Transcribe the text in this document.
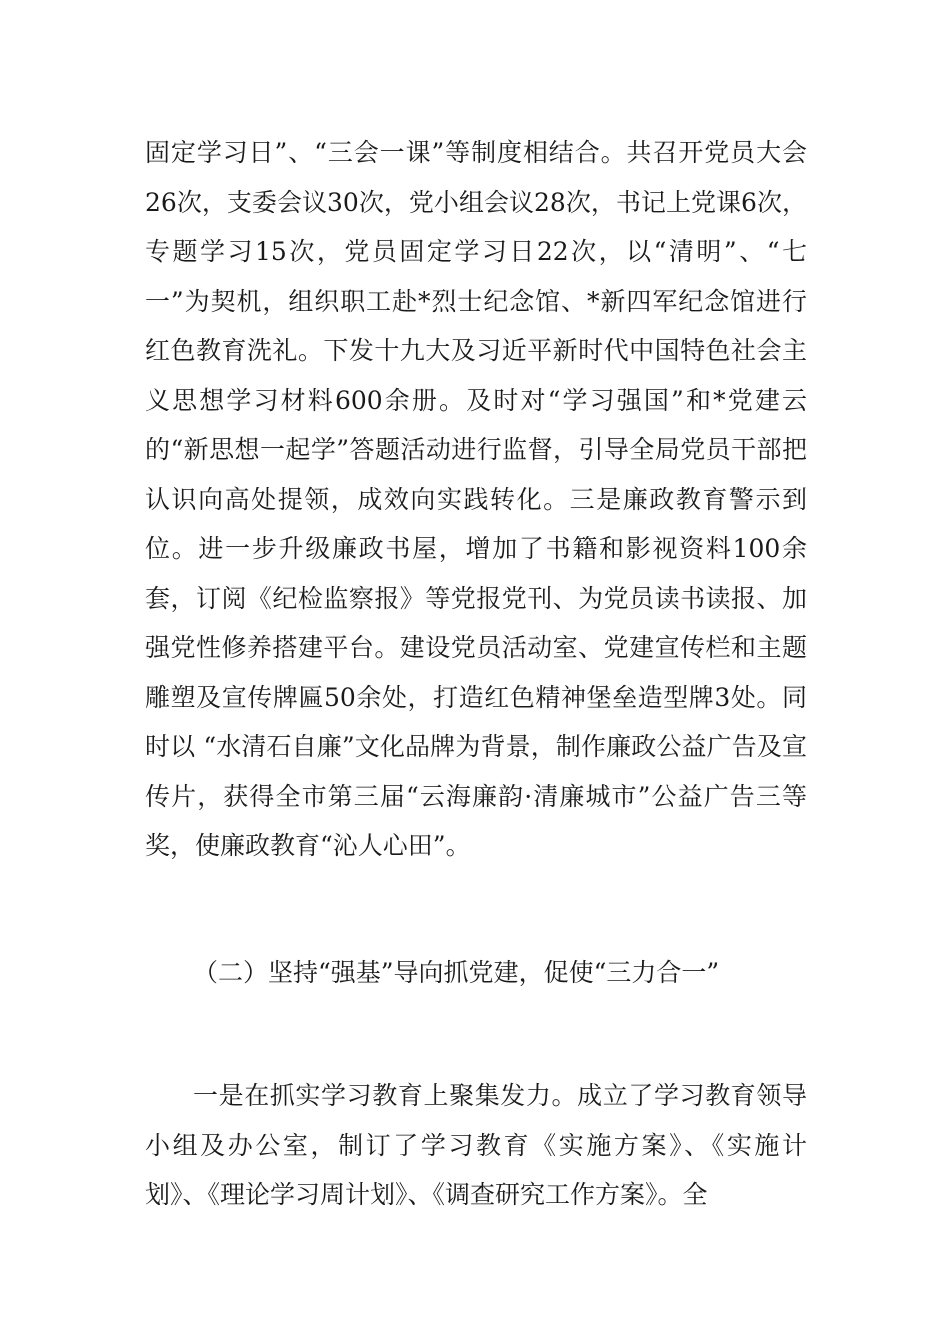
固定学习日”、“三会一课”等制度相结合。共召开党员大会26次，支委会议30次，党小组会议28次，书记上党课6次，专题学习15次，党员固定学习日22次，以“清明”、“七一”为契机，组织职工赴*烈士纪念馆、*新四军纪念馆进行红色教育洗礼。下发十九大及习近平新时代中国特色社会主义思想学习材料600余册。及时对“学习强国”和*党建云的“新思想一起学”答题活动进行监督，引导全局党员干部把认识向高处提领，成效向实践转化。三是廉政教育警示到位。进一步升级廉政书屋，增加了书籍和影视资料100余套，订阅《纪检监察报》等党报党刊、为党员读书读报、加强党性修养搭建平台。建设党员活动室、党建宣传栏和主题雕塑及宣传牌匾50余处，打造红色精神堡垒造型牌3处。同时以 “水清石自廉”文化品牌为背景，制作廉政公益广告及宣传片，获得全市第三届“云海廉韵·清廉城市”公益广告三等奖，使廉政教育“沁人心田”。

（二）坚持“强基”导向抓党建，促使“三力合一”

一是在抓实学习教育上聚集发力。成立了学习教育领导小组及办公室，制订了学习教育《实施方案》、《实施计划》、《理论学习周计划》、《调查研究工作方案》。全
